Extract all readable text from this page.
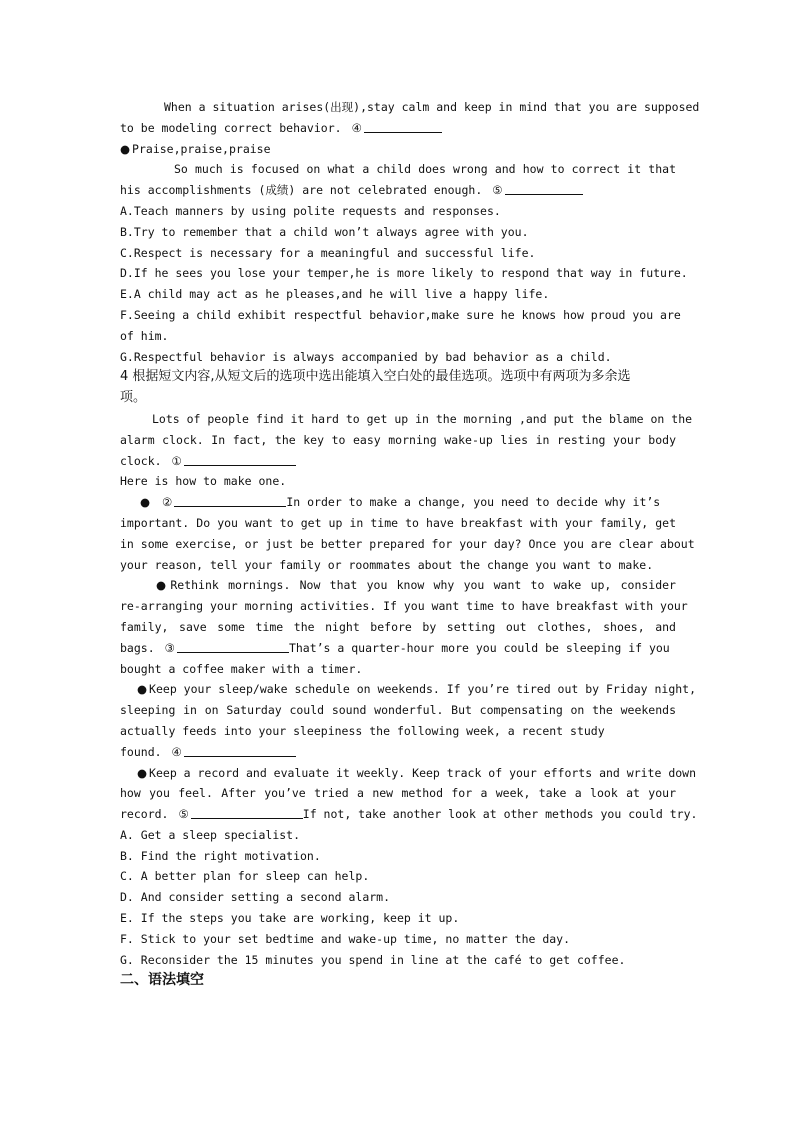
When a situation arises(出现),stay calm and keep in mind that you are supposed
to be modeling correct behavior. ④
● Praise,praise,praise
So much is focused on what a child does wrong and how to correct it that
his accomplishments (成绩) are not celebrated enough. ⑤
A.Teach manners by using polite requests and responses.
B.Try to remember that a child won’t always agree with you.
C.Respect is necessary for a meaningful and successful life.
D.If he sees you lose your temper,he is more likely to respond that way in future.
E.A child may act as he pleases,and he will live a happy life.
F.Seeing a child exhibit respectful behavior,make sure he knows how proud you are
of him.
G.Respectful behavior is always accompanied by bad behavior as a child.
4 根据短文内容,从短文后的选项中选出能填入空白处的最佳选项。选项中有两项为多余选
项。
Lots of people find it hard to get up in the morning ,and put the blame on the
alarm clock. In fact, the key to easy morning wake-up lies in resting your body
clock. ①
Here is how to make one.
● ②	In order to make a change, you need to decide why it’s
important. Do you want to get up in time to have breakfast with your family, get
in some exercise, or just be better prepared for your day? Once you are clear about
your reason, tell your family or roommates about the change you want to make.
● Rethink mornings. Now that you know why you want to wake up, consider
re-arranging your morning activities. If you want time to have breakfast with your
family, save some time the night before by setting out clothes, shoes, and
bags. ③	That’s a quarter-hour more you could be sleeping if you
bought a coffee maker with a timer.
● Keep your sleep/wake schedule on weekends. If you’re tired out by Friday night,
sleeping in on Saturday could sound wonderful. But compensating on the weekends
actually feeds into your sleepiness the following week, a recent study
found. ④
● Keep a record and evaluate it weekly. Keep track of your efforts and write down
how you feel. After you’ve tried a new method for a week, take a look at your
record. ⑤	If not, take another look at other methods you could try.
A. Get a sleep specialist.
B. Find the right motivation.
C. A better plan for sleep can help.
D. And consider setting a second alarm.
E. If the steps you take are working, keep it up.
F. Stick to your set bedtime and wake-up time, no matter the day.
G. Reconsider the 15 minutes you spend in line at the café to get coffee.
二、语法填空
